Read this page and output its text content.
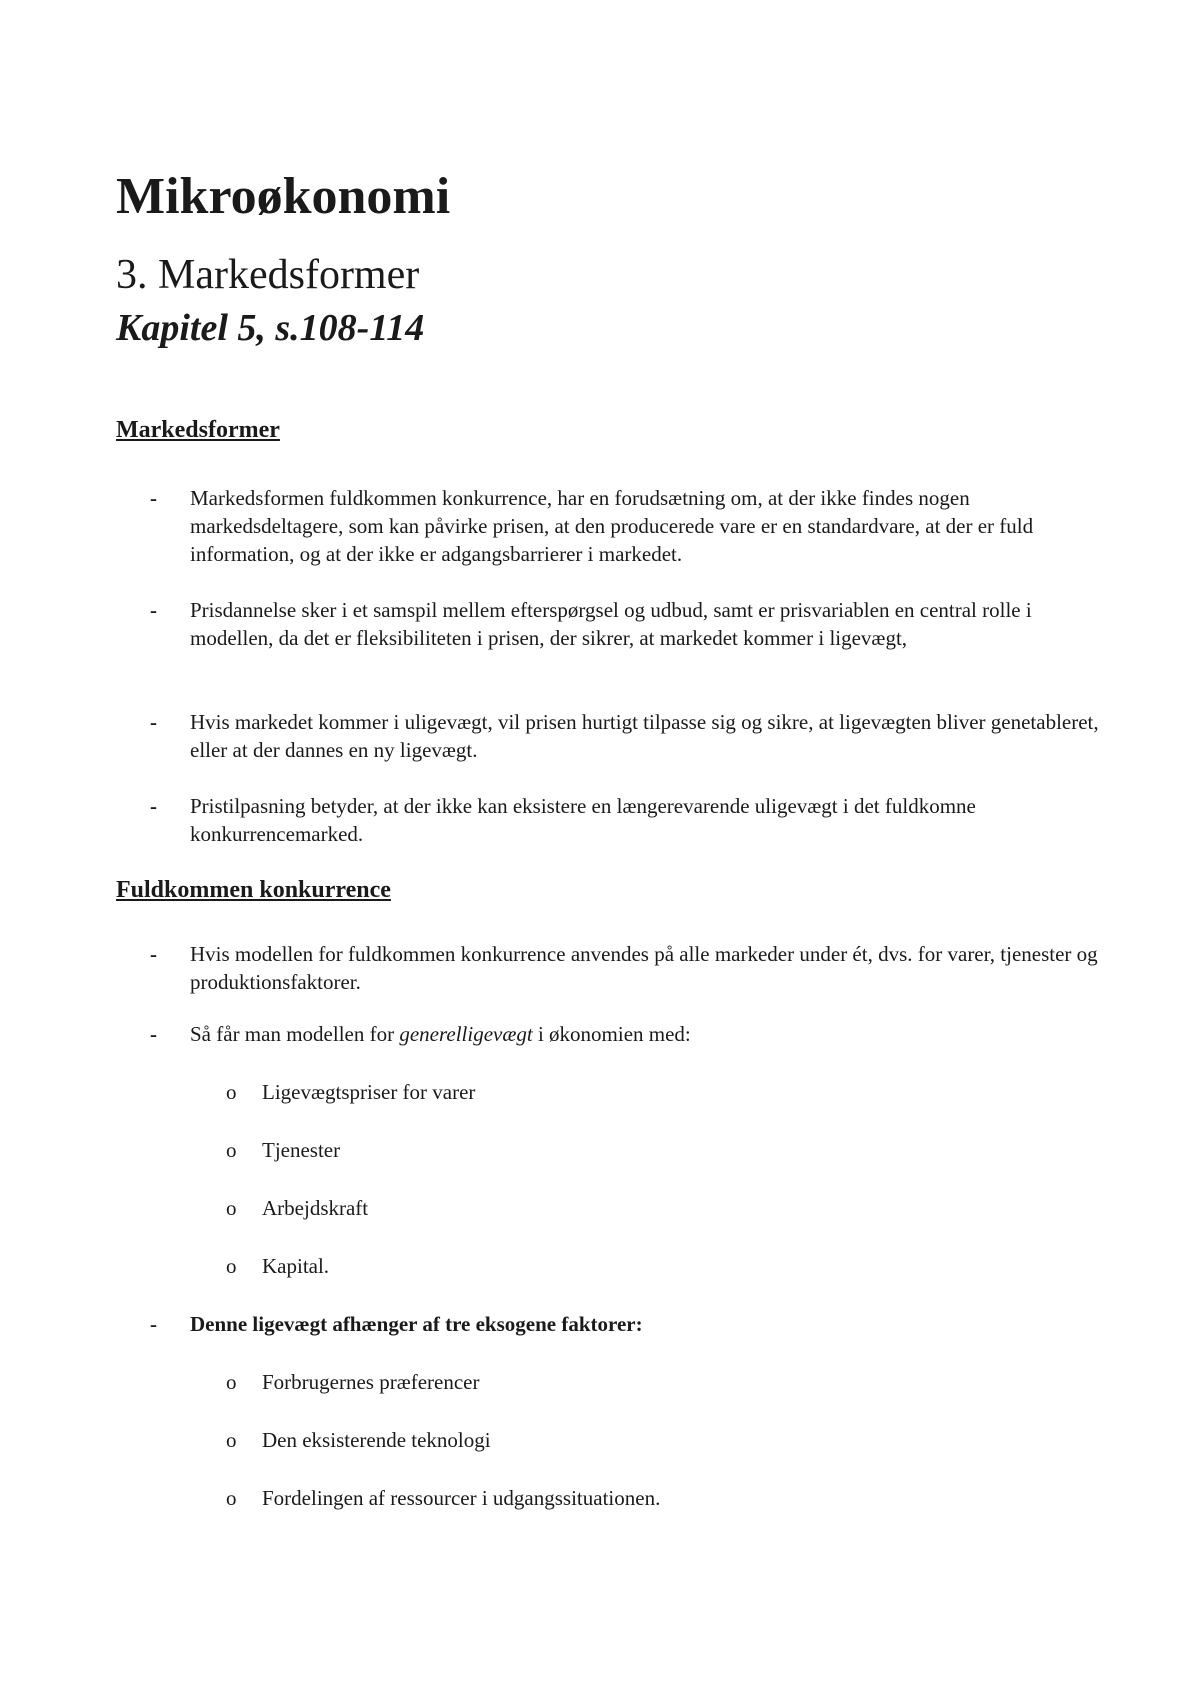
Mikroøkonomi
3. Markedsformer
Kapitel 5, s.108-114
Markedsformer
- Markedsformen fuldkommen konkurrence, har en forudsætning om, at der ikke findes nogen markedsdeltagere, som kan påvirke prisen, at den producerede vare er en standardvare, at der er fuld information, og at der ikke er adgangsbarrierer i markedet.
- Prisdannelse sker i et samspil mellem efterspørgsel og udbud, samt er prisvariablen en central rolle i modellen, da det er fleksibiliteten i prisen, der sikrer, at markedet kommer i ligevægt,
- Hvis markedet kommer i uligevægt, vil prisen hurtigt tilpasse sig og sikre, at ligevægten bliver genetableret, eller at der dannes en ny ligevægt.
- Pristilpasning betyder, at der ikke kan eksistere en længerevarende uligevægt i det fuldkomne konkurrencemarked.
Fuldkommen konkurrence
- Hvis modellen for fuldkommen konkurrence anvendes på alle markeder under ét, dvs. for varer, tjenester og produktionsfaktorer.
- Så får man modellen for generelligevægt i økonomien med:
o Ligevægtspriser for varer
o Tjenester
o Arbejdskraft
o Kapital.
- Denne ligevægt afhænger af tre eksogene faktorer:
o Forbrugernes præferencer
o Den eksisterende teknologi
o Fordelingen af ressourcer i udgangssituationen.
